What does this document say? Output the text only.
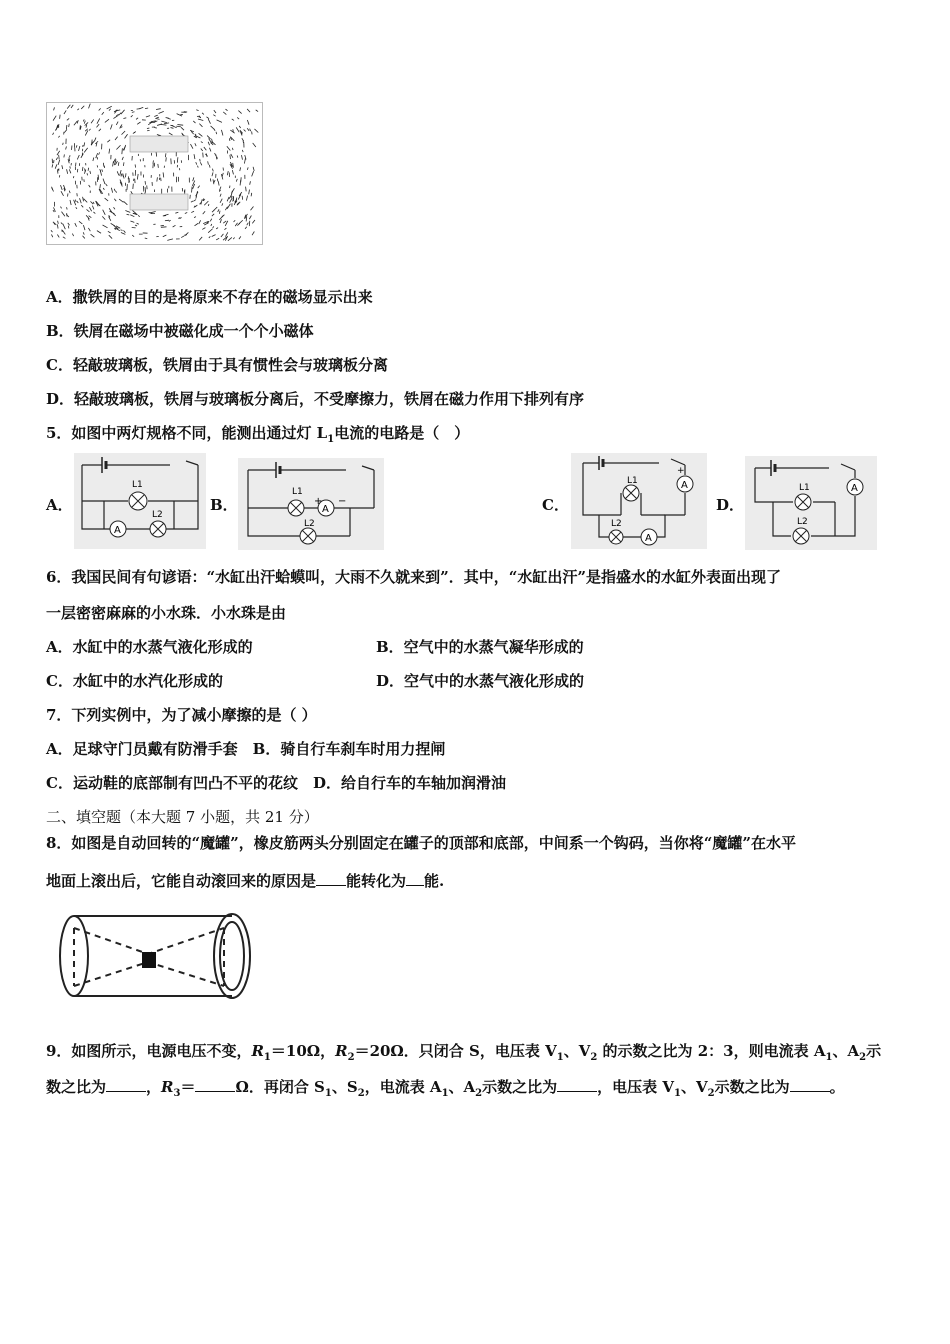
A．撒铁屑的目的是将原来不存在的磁场显示出来
B．铁屑在磁场中被磁化成一个个小磁体
C．轻敲玻璃板，铁屑由于具有惯性会与玻璃板分离
D．轻敲玻璃板，铁屑与玻璃板分离后，不受摩擦力，铁屑在磁力作用下排列有序
5．如图中两灯规格不同，能测出通过灯 $L_1$电流的电路是（　）
A．	B．	C．	D．
L1
A
L2
L1
A
−
+
L2
A
+
L1
L2
A
A
L1
L2
6．我国民间有句谚语：“水缸出汗蛤蟆叫，大雨不久就来到”．其中，“水缸出汗”是指盛水的水缸外表面出现了
一层密密麻麻的小水珠．小水珠是由
A．水缸中的水蒸气液化形成的	B．空气中的水蒸气凝华形成的
C．水缸中的水汽化形成的	D．空气中的水蒸气液化形成的
7．下列实例中，为了减小摩擦的是（ ）
A．足球守门员戴有防滑手套　B．骑自行车刹车时用力捏闸
C．运动鞋的底部制有凹凸不平的花纹　D．给自行车的车轴加润滑油
二、填空题（本大题 7 小题，共 21 分）
8．如图是自动回转的“魔罐”，橡皮筋两头分别固定在罐子的顶部和底部，中间系一个钩码，当你将“魔罐”在水平
地面上滚出后，它能自动滚回来的原因是 能转化为 能.
9．如图所示，电源电压不变，$R_1=10\Omega$，$R_2=20\Omega$．只闭合 S，电压表 $V_1$、$V_2$ 的示数之比为 2：3，则电流表 $A_1$、$A_2$示
数之比为	，$R_3=$	Ω．再闭合 $S_1$、$S_2$，电流表 $A_1$、$A_2$示数之比为	，电压表 $V_1$、$V_2$示数之比为	。
